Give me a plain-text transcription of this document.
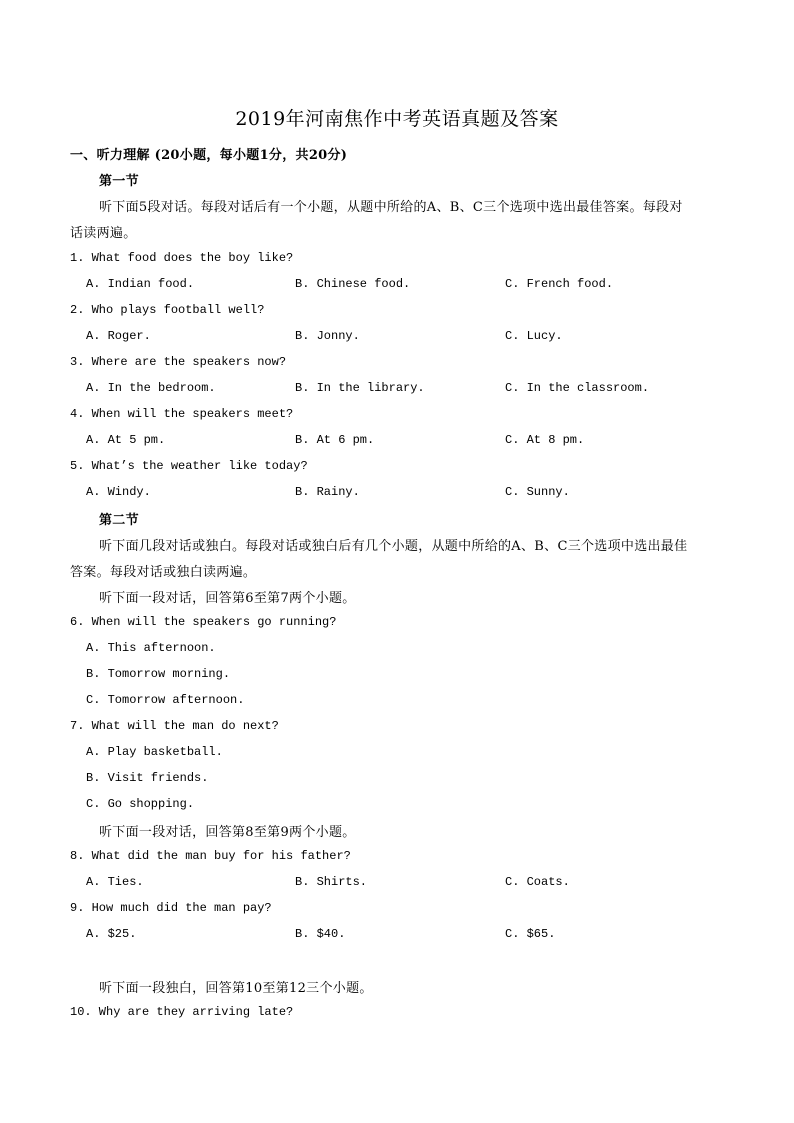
2019年河南焦作中考英语真题及答案
一、听力理解 (20小题，每小题1分，共20分)
第一节
听下面5段对话。每段对话后有一个小题，从题中所给的A、B、C三个选项中选出最佳答案。每段对
话读两遍。
1. What food does the boy like?
A. Indian food.	B. Chinese food.	C. French food.
2. Who plays football well?
A. Roger.	B. Jonny.	C. Lucy.
3. Where are the speakers now?
A. In the bedroom.	B. In the library.	C. In the classroom.
4. When will the speakers meet?
A. At 5 pm.	B. At 6 pm.	C. At 8 pm.
5. What’s the weather like today?
A. Windy.	B. Rainy.	C. Sunny.
第二节
听下面几段对话或独白。每段对话或独白后有几个小题，从题中所给的A、B、C三个选项中选出最佳
答案。每段对话或独白读两遍。
听下面一段对话，回答第6至第7两个小题。
6. When will the speakers go running?
A. This afternoon.
B. Tomorrow morning.
C. Tomorrow afternoon.
7. What will the man do next?
A. Play basketball.
B. Visit friends.
C. Go shopping.
听下面一段对话，回答第8至第9两个小题。
8. What did the man buy for his father?
A. Ties.	B. Shirts.	C. Coats.
9. How much did the man pay?
A. $25.	B. $40.	C. $65.
听下面一段独白，回答第10至第12三个小题。
10. Why are they arriving late?
